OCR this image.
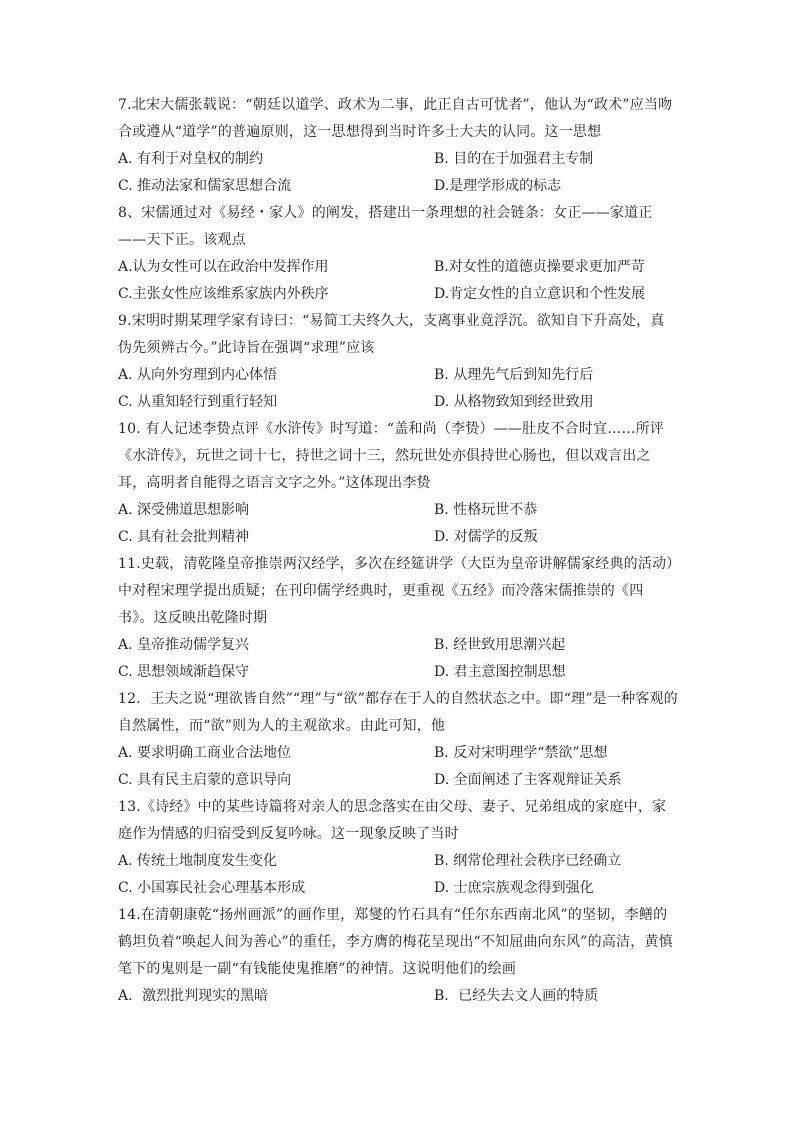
7.北宋大儒张载说：“朝廷以道学、政术为二事，此正自古可忧者”，他认为“政术”应当吻合或遵从“道学”的普遍原则，这一思想得到当时许多士大夫的认同。这一思想

A. 有利于对皇权的制约	B. 目的在于加强君主专制

C. 推动法家和儒家思想合流	D.是理学形成的标志

8、宋儒通过对《易经・家人》的阐发，搭建出一条理想的社会链条：女正——家道正——天下正。该观点

A.认为女性可以在政治中发挥作用	B.对女性的道德贞操要求更加严苛

C.主张女性应该维系家族内外秩序	D.肯定女性的自立意识和个性发展

9.宋明时期某理学家有诗曰：“易简工夫终久大，支离事业竟浮沉。欲知自下升高处，真伪先须辨古今。”此诗旨在强调“求理”应该

A. 从向外穷理到内心体悟	B. 从理先气后到知先行后

C. 从重知轻行到重行轻知	D. 从格物致知到经世致用

10. 有人记述李贽点评《水浒传》时写道：“盖和尚（李贽）——肚皮不合时宜……所评《水浒传》，玩世之词十七，持世之词十三，然玩世处亦俱持世心肠也，但以戏言出之耳，高明者自能得之语言文字之外。”这体现出李贽

A. 深受佛道思想影响	B. 性格玩世不恭

C. 具有社会批判精神	D. 对儒学的反叛

11.史载，清乾隆皇帝推崇两汉经学，多次在经筵讲学（大臣为皇帝讲解儒家经典的活动）中对程宋理学提出质疑；在刊印儒学经典时，更重视《五经》而冷落宋儒推崇的《四书》。这反映出乾隆时期

A. 皇帝推动儒学复兴	B. 经世致用思潮兴起

C. 思想领域渐趋保守	D. 君主意图控制思想

12．王夫之说“理欲皆自然”“理”与“欲”都存在于人的自然状态之中。即“理”是一种客观的自然属性，而“欲”则为人的主观欲求。由此可知，他

A. 要求明确工商业合法地位	B. 反对宋明理学“禁欲”思想

C. 具有民主启蒙的意识导向	D. 全面阐述了主客观辩证关系

13.《诗经》中的某些诗篇将对亲人的思念落实在由父母、妻子、兄弟组成的家庭中，家庭作为情感的归宿受到反复吟咏。这一现象反映了当时

A. 传统土地制度发生变化	B. 纲常伦理社会秩序已经确立

C. 小国寡民社会心理基本形成	D. 士庶宗族观念得到强化

14.在清朝康乾“扬州画派”的画作里，郑燮的竹石具有“任尔东西南北风”的坚韧，李鳝的鹤坦负着“唤起人间为善心”的重任，李方膺的梅花呈现出“不知屈曲向东风”的高洁，黄慎笔下的鬼则是一副“有钱能使鬼推磨”的神情。这说明他们的绘画

A．激烈批判现实的黑暗	B．已经失去文人画的特质
